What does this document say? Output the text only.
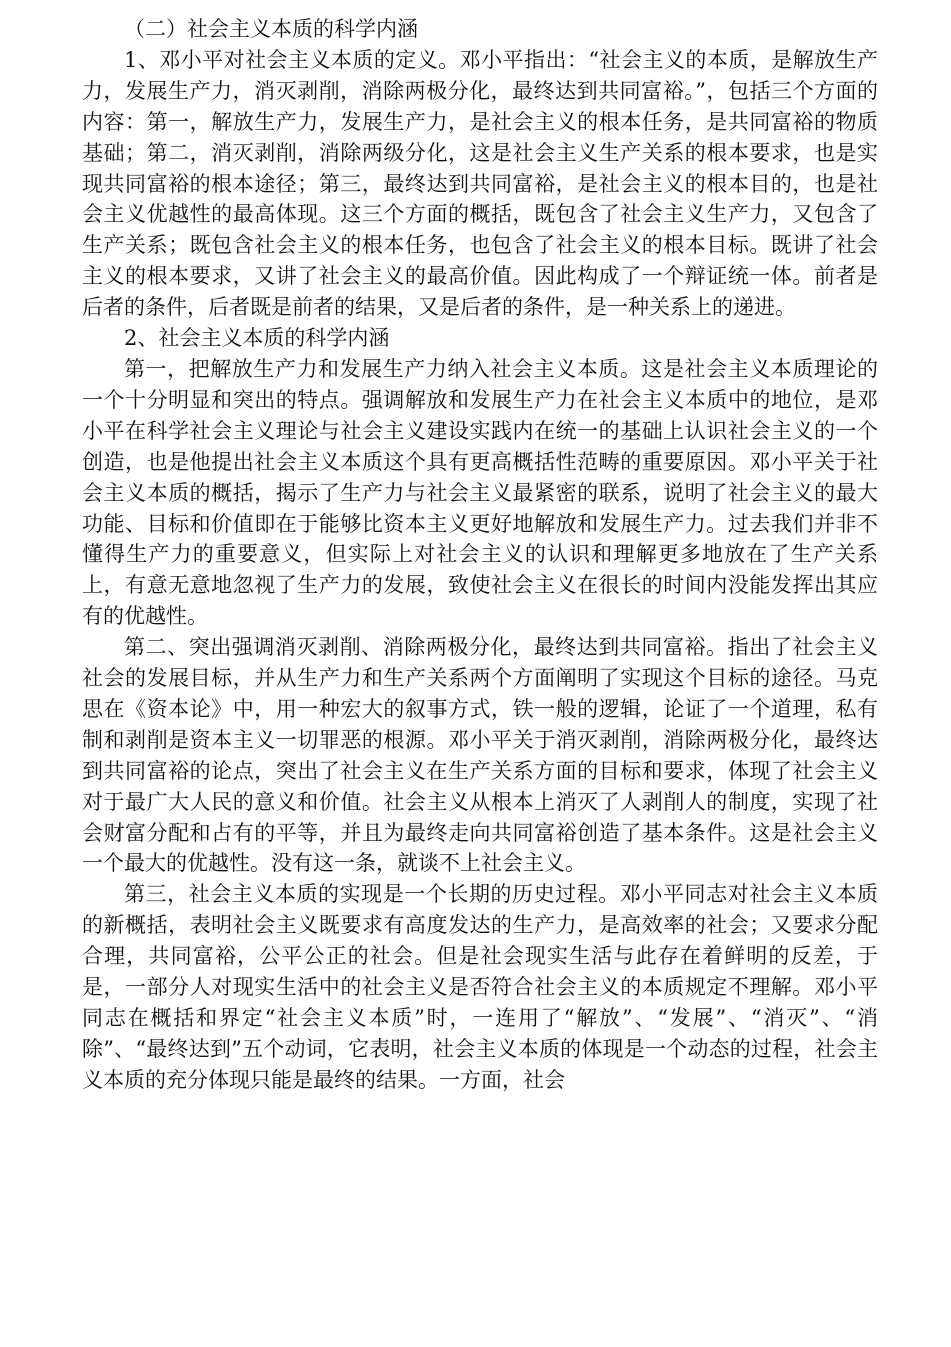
（二）社会主义本质的科学内涵

1、邓小平对社会主义本质的定义。邓小平指出：“社会主义的本质，是解放生产力，发展生产力，消灭剥削，消除两极分化，最终达到共同富裕。”，包括三个方面的内容：第一，解放生产力，发展生产力，是社会主义的根本任务，是共同富裕的物质基础；第二，消灭剥削，消除两级分化，这是社会主义生产关系的根本要求，也是实现共同富裕的根本途径；第三，最终达到共同富裕，是社会主义的根本目的，也是社会主义优越性的最高体现。这三个方面的概括，既包含了社会主义生产力，又包含了生产关系；既包含社会主义的根本任务，也包含了社会主义的根本目标。既讲了社会主义的根本要求，又讲了社会主义的最高价值。因此构成了一个辩证统一体。前者是后者的条件，后者既是前者的结果，又是后者的条件，是一种关系上的递进。

2、社会主义本质的科学内涵

第一，把解放生产力和发展生产力纳入社会主义本质。这是社会主义本质理论的一个十分明显和突出的特点。强调解放和发展生产力在社会主义本质中的地位，是邓小平在科学社会主义理论与社会主义建设实践内在统一的基础上认识社会主义的一个创造，也是他提出社会主义本质这个具有更高概括性范畴的重要原因。邓小平关于社会主义本质的概括，揭示了生产力与社会主义最紧密的联系，说明了社会主义的最大功能、目标和价值即在于能够比资本主义更好地解放和发展生产力。过去我们并非不懂得生产力的重要意义，但实际上对社会主义的认识和理解更多地放在了生产关系上，有意无意地忽视了生产力的发展，致使社会主义在很长的时间内没能发挥出其应有的优越性。

第二、突出强调消灭剥削、消除两极分化，最终达到共同富裕。指出了社会主义社会的发展目标，并从生产力和生产关系两个方面阐明了实现这个目标的途径。马克思在《资本论》中，用一种宏大的叙事方式，铁一般的逻辑，论证了一个道理，私有制和剥削是资本主义一切罪恶的根源。邓小平关于消灭剥削，消除两极分化，最终达到共同富裕的论点，突出了社会主义在生产关系方面的目标和要求，体现了社会主义对于最广大人民的意义和价值。社会主义从根本上消灭了人剥削人的制度，实现了社会财富分配和占有的平等，并且为最终走向共同富裕创造了基本条件。这是社会主义一个最大的优越性。没有这一条，就谈不上社会主义。

第三，社会主义本质的实现是一个长期的历史过程。邓小平同志对社会主义本质的新概括，表明社会主义既要求有高度发达的生产力，是高效率的社会；又要求分配合理，共同富裕，公平公正的社会。但是社会现实生活与此存在着鲜明的反差，于是，一部分人对现实生活中的社会主义是否符合社会主义的本质规定不理解。邓小平同志在概括和界定“社会主义本质”时，一连用了“解放”、“发展”、“消灭”、“消除”、“最终达到”五个动词，它表明，社会主义本质的体现是一个动态的过程，社会主义本质的充分体现只能是最终的结果。一方面，社会
